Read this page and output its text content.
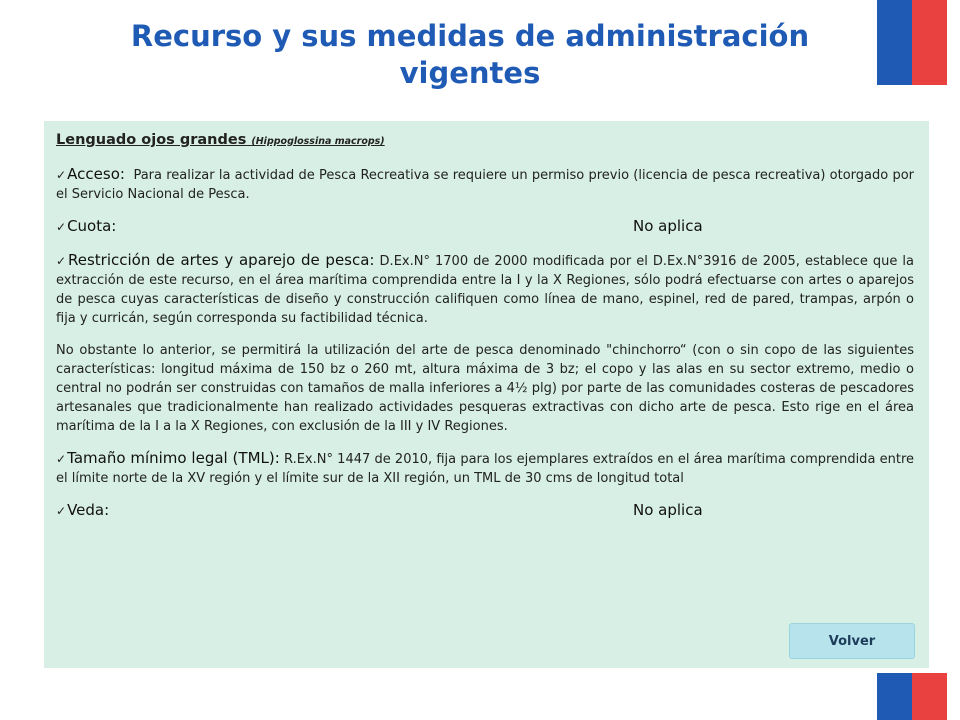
Recurso y sus medidas de administración vigentes

Lenguado ojos grandes (Hippoglossina macrops)

✓Acceso: Para realizar la actividad de Pesca Recreativa se requiere un permiso previo (licencia de pesca recreativa) otorgado por el Servicio Nacional de Pesca.

✓Cuota:	No aplica

✓Restricción de artes y aparejo de pesca: D.Ex.N° 1700 de 2000 modificada por el D.Ex.N°3916 de 2005, establece que la extracción de este recurso, en el área marítima comprendida entre la I y la X Regiones, sólo podrá efectuarse con artes o aparejos de pesca cuyas características de diseño y construcción califiquen como línea de mano, espinel, red de pared, trampas, arpón o fija y curricán, según corresponda su factibilidad técnica.

No obstante lo anterior, se permitirá la utilización del arte de pesca denominado "chinchorro“ (con o sin copo de las siguientes características: longitud máxima de 150 bz o 260 mt, altura máxima de 3 bz; el copo y las alas en su sector extremo, medio o central no podrán ser construidas con tamaños de malla inferiores a 4½ plg) por parte de las comunidades costeras de pescadores artesanales que tradicionalmente han realizado actividades pesqueras extractivas con dicho arte de pesca. Esto rige en el área marítima de la I a la X Regiones, con exclusión de la III y IV Regiones.

✓Tamaño mínimo legal (TML): R.Ex.N° 1447 de 2010, fija para los ejemplares extraídos en el área marítima comprendida entre el límite norte de la XV región y el límite sur de la XII región, un TML de 30 cms de longitud total

✓Veda:	No aplica
Volver
